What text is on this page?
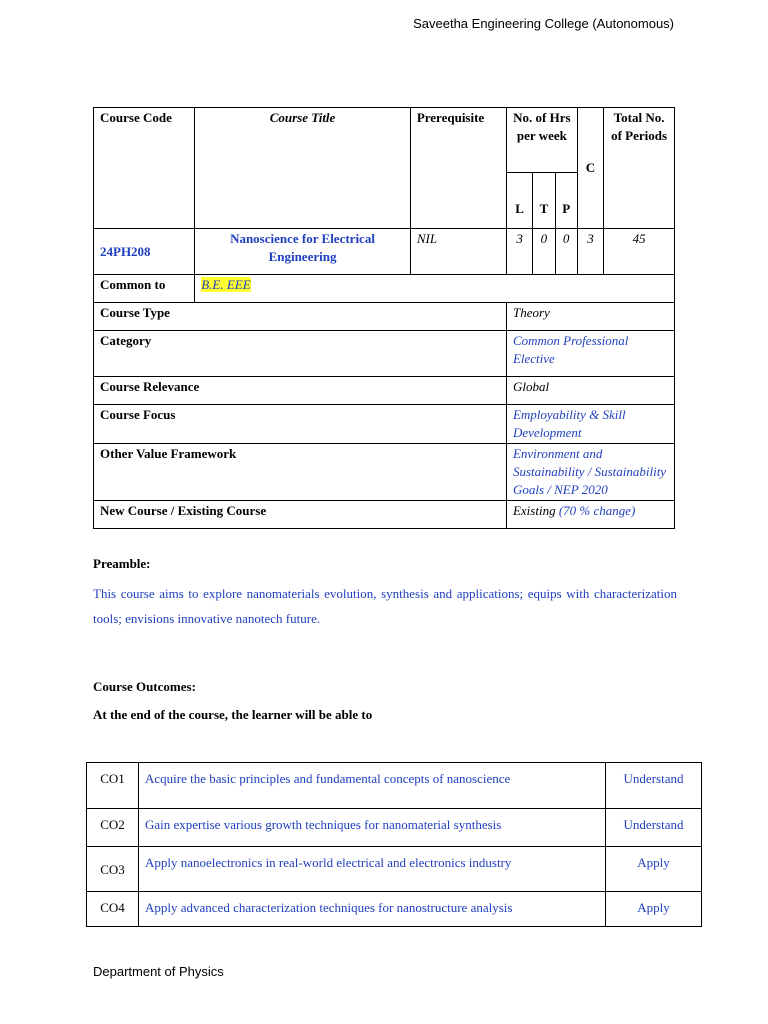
Saveetha Engineering College (Autonomous)
Course Code	Course Title	Prerequisite	No. of Hrs per week			C	Total No. of Periods
			L	T	P		
24PH208	Nanoscience for Electrical Engineering	NIL	3	0	0	3	45
Common to	B.E. EEE						
Course Type			Theory				
Category			Common Professional Elective				
Course Relevance			Global				
Course Focus			Employability & Skill Development				
Other Value Framework			Environment and Sustainability / Sustainability Goals / NEP 2020				
New Course / Existing Course			Existing (70 % change)				
Preamble:
This course aims to explore nanomaterials evolution, synthesis and applications; equips with characterization tools; envisions innovative nanotech future.
Course Outcomes:
At the end of the course, the learner will be able to
CO1	Acquire the basic principles and fundamental concepts of nanoscience	Understand
CO2	Gain expertise various growth techniques for nanomaterial synthesis	Understand
CO3	Apply nanoelectronics in real-world electrical and electronics industry	Apply
CO4	Apply advanced characterization techniques for nanostructure analysis	Apply
Department of Physics
